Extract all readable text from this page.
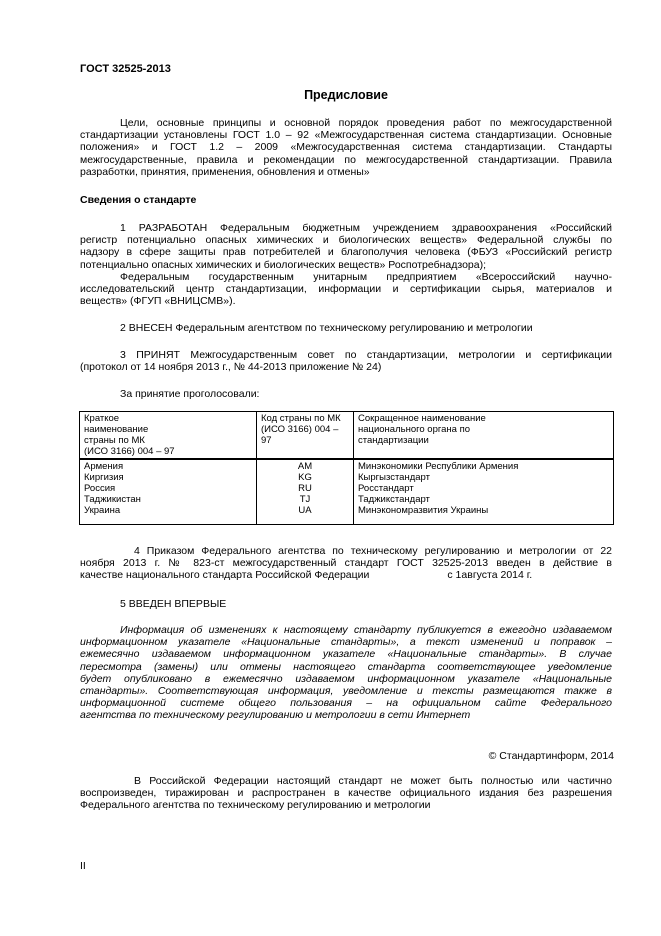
ГОСТ 32525-2013
Предисловие
Цели, основные принципы и основной порядок проведения работ по межгосударственной
стандартизации установлены ГОСТ 1.0 – 92 «Межгосударственная система стандартизации. Основные
положения» и ГОСТ 1.2 – 2009 «Межгосударственная система стандартизации. Стандарты
межгосударственные, правила и рекомендации по межгосударственной стандартизации. Правила
разработки, принятия, применения, обновления и отмены»
Сведения о стандарте
1 РАЗРАБОТАН Федеральным бюджетным учреждением здравоохранения «Российский
регистр потенциально опасных химических и биологических веществ» Федеральной службы по
надзору в сфере защиты прав потребителей и благополучия человека (ФБУЗ «Российский регистр
потенциально опасных химических и биологических веществ» Роспотребнадзора);
Федеральным государственным унитарным предприятием «Всероссийский научно-
исследовательский центр стандартизации, информации и сертификации сырья, материалов и
веществ» (ФГУП «ВНИЦСМВ»).
2 ВНЕСЕН Федеральным агентством по техническому регулированию и метрологии
3 ПРИНЯТ Межгосударственным совет по стандартизации, метрологии и сертификации
(протокол от 14 ноября 2013 г., № 44-2013 приложение № 24)
За принятие проголосовали:
Краткое
наименование
страны по МК
(ИСО 3166) 004 – 97	Код страны по МК
(ИСО 3166) 004 –
97	Сокращенное наименование
национального органа по
стандартизации

Армения
Киргизия
Россия
Таджикистан
Украина	AM
KG
RU
TJ
UA	Минэкономики Республики Армения
Кыргызстандарт
Росстандарт
Таджикстандарт
Минэкономразвития Украины
4 Приказом Федерального агентства по техническому регулированию и метрологии от 22
ноября 2013 г. № 823-ст межгосударственный стандарт ГОСТ 32525-2013 введен в действие в
качестве национального стандарта Российской Федерации	с 1августа 2014 г.
5 ВВЕДЕН ВПЕРВЫЕ
Информация об изменениях к настоящему стандарту публикуется в ежегодно издаваемом
информационном указателе «Национальные стандарты», а текст изменений и поправок –
ежемесячно издаваемом информационном указателе «Национальные стандарты». В случае
пересмотра (замены) или отмены настоящего стандарта соответствующее уведомление
будет опубликовано в ежемесячно издаваемом информационном указателе «Национальные
стандарты». Соответствующая информация, уведомление и тексты размещаются также в
информационной системе общего пользования – на официальном сайте Федерального
агентства по техническому регулированию и метрологии в сети Интернет
© Стандартинформ, 2014
В Российской Федерации настоящий стандарт не может быть полностью или частично
воспроизведен, тиражирован и распространен в качестве официального издания без разрешения
Федерального агентства по техническому регулированию и метрологии
II
